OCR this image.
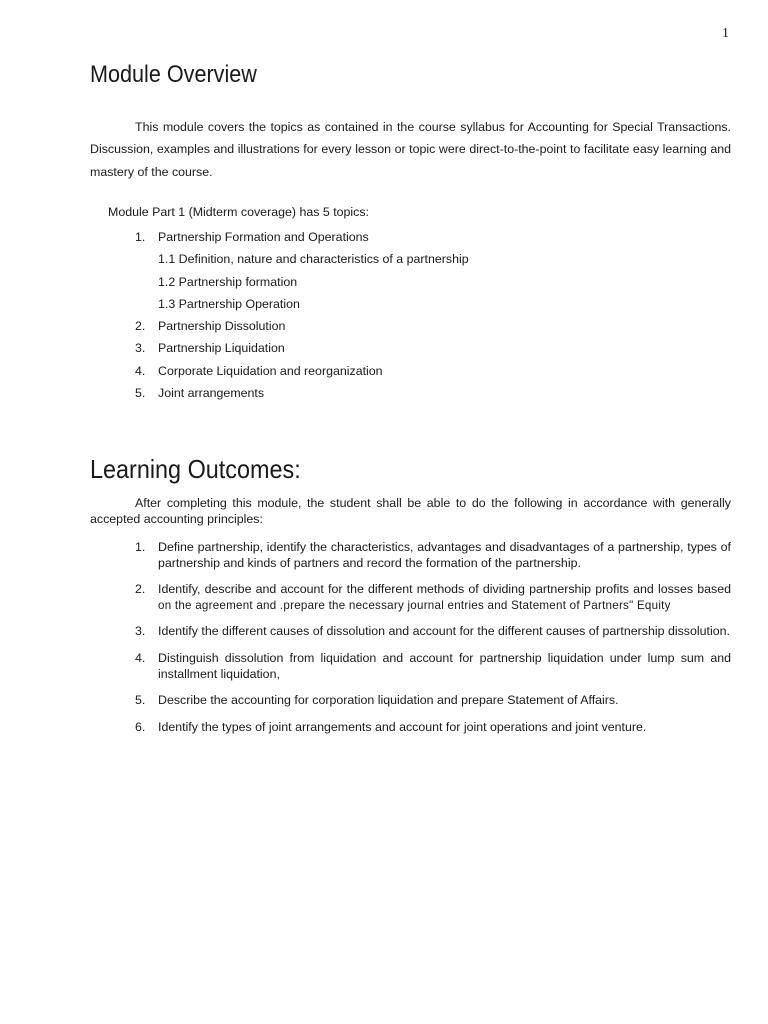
1
Module Overview

This module covers the topics as contained in the course syllabus for Accounting for Special Transactions. Discussion, examples and illustrations for every lesson or topic were direct-to-the-point to facilitate easy learning and mastery of the course.

Module Part 1 (Midterm coverage) has 5 topics:
1. Partnership Formation and Operations
1.1 Definition, nature and characteristics of a partnership
1.2 Partnership formation
1.3 Partnership Operation
2. Partnership Dissolution
3. Partnership Liquidation
4. Corporate Liquidation and reorganization
5. Joint arrangements
Learning Outcomes:

After completing this module, the student shall be able to do the following in accordance with generally accepted accounting principles:

1. Define partnership, identify the characteristics, advantages and disadvantages of a partnership, types of partnership and kinds of partners and record the formation of the partnership.
2. Identify, describe and account for the different methods of dividing partnership profits and losses based
on the agreement and .prepare the necessary journal entries and Statement of Partners" Equity
3. Identify the different causes of dissolution and account for the different causes of partnership dissolution.
4. Distinguish dissolution from liquidation and account for partnership liquidation under lump sum and installment liquidation,
5. Describe the accounting for corporation liquidation and prepare Statement of Affairs.
6. Identify the types of joint arrangements and account for joint operations and joint venture.
